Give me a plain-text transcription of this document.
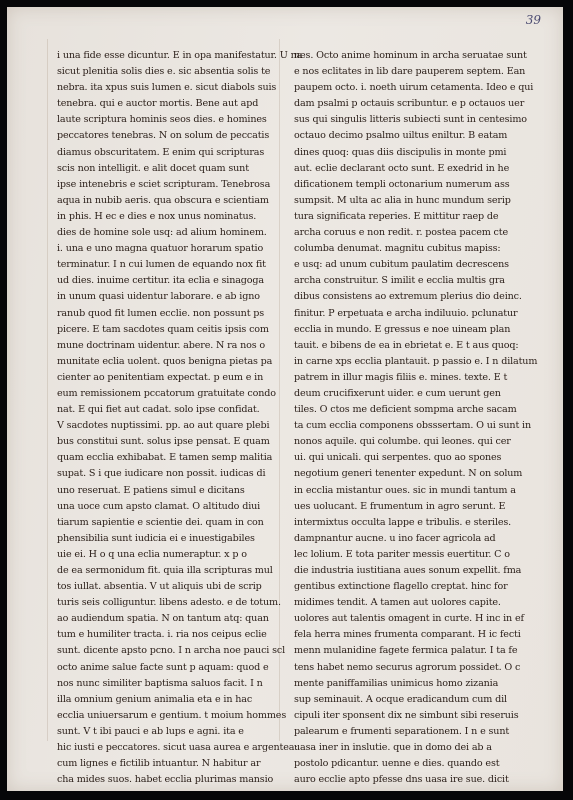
39
i una fide esse dicuntur. E in opa manifestatur. U na
sicut plenitia solis dies e. sic absentia solis te
nebra. ita xpus suis lumen e. sicut diabols suis
tenebra. qui e auctor mortis. Bene aut apd
laute scriptura hominis seos dies. e homines
peccatores tenebras. N on solum de peccatis
diamus obscuritatem. E enim qui scripturas
scis non intelligit. e alit docet quam sunt
ipse intenebris e sciet scripturam. Tenebrosa
aqua in nubib aeris. qua obscura e scientiam
in phis. H ec e dies e nox unus nominatus.
dies de homine sole usq: ad alium hominem.
i. una e uno magna quatuor horarum spatio
terminatur. I n cui lumen de equando nox fit
ud dies. inuime certitur. ita eclia e sinagoga
in unum quasi uidentur laborare. e ab igno
ranub quod fit lumen ecclie. non possunt ps
picere. E tam sacdotes quam ceitis ipsis com
mune doctrinam uidentur. abere. N ra nos o
munitate eclia uolent. quos benigna pietas pa
cienter ao penitentiam expectat. p eum e in
eum remissionem pccatorum gratuitate condo
nat. E qui fiet aut cadat. solo ipse confidat.
V sacdotes nuptissimi. pp. ao aut quare plebi
bus constitui sunt. solus ipse pensat. E quam
quam ecclia exhibabat. E tamen semp malitia
supat. S i que iudicare non possit. iudicas di
uno reseruat. E patiens simul e dicitans
una uoce cum apsto clamat. O altitudo diui
tiarum sapientie e scientie dei. quam in con
phensibilia sunt iudicia ei e inuestigabiles
uie ei. H o q una eclia numeraptur. x p o
de ea sermonidum fit. quia illa scripturas mul
tos iullat. absentia. V ut aliquis ubi de scrip
turis seis colliguntur. libens adesto. e de totum.
ao audiendum spatia. N on tantum atq: quan
tum e humiliter tracta. i. ria nos ceipus eclie
sunt. dicente apsto pcno. I n archa noe pauci scl
octo anime salue facte sunt p aquam: quod e
nos nunc similiter baptisma saluos facit. I n
illa omnium genium animalia eta e in hac
ecclia uniuersarum e gentium. t moium hommes
sunt. V t ibi pauci e ab lups e agni. ita e
hic iusti e peccatores. sicut uasa aurea e argentea:
cum lignes e fictilib intuantur. N habitur ar
cha mides suos. habet ecclia plurimas mansio
nes. Octo anime hominum in archa seruatae sunt
e nos eclitates in lib dare pauperem septem. Ean
paupem octo. i. noeth uirum cetamenta. Ideo e qui
dam psalmi p octauis scribuntur. e p octauos uer
sus qui singulis litteris subiecti sunt in centesimo
octauo decimo psalmo uiltus eniltur. B eatam
dines quoq: quas diis discipulis in monte pmi
aut. eclie declarant octo sunt. E exedrid in he
dificationem templi octonarium numerum ass
sumpsit. M ulta ac alia in hunc mundum serip
tura significata reperies. E mittitur raep de
archa coruus e non redit. r. postea pacem cte
columba denumat. magnitu cubitus mapiss:
e usq: ad unum cubitum paulatim decrescens
archa construitur. S imilit e ecclia multis gra
dibus consistens ao extremum plerius dio deinc.
finitur. P erpetuata e archa indiluuio. pclunatur
ecclia in mundo. E gressus e noe uineam plan
tauit. e bibens de ea in ebrietat e. E t aus quoq:
in carne xps ecclia plantauit. p passio e. I n dilatum
patrem in illur magis filiis e. mines. texte. E t
deum crucifixerunt uider. e cum uerunt gen
tiles. O ctos me deficient sompma arche sacam
ta cum ecclia componens obsssertam. O ui sunt in
nonos aquile. qui columbe. qui leones. qui cer
ui. qui unicali. qui serpentes. quo ao spones
negotium generi tenenter expedunt. N on solum
in ecclia mistantur oues. sic in mundi tantum a
ues uolucant. E frumentum in agro serunt. E
intermixtus occulta lappe e tribulis. e steriles.
dampnantur aucne. u ino facer agricola ad
lec lolium. E tota pariter messis euertitur. C o
die industria iustitiana aues sonum expellit. fma
gentibus extinctione flagello creptat. hinc for
midimes tendit. A tamen aut uolores capite.
uolores aut talentis omagent in curte. H inc in ef
fela herra mines frumenta comparant. H ic fecti
menn mulanidine fagete fermica palatur. I ta fe
tens habet nemo securus agrorum possidet. O c
mente paniffamilias unimicus homo zizania
sup seminauit. A ocque eradicandum cum dil
cipuli iter sponsent dix ne simbunt sibi reseruis
palearum e frumenti separationem. I n e sunt
uasa iner in inslutie. que in domo dei ab a
postolo pdicantur. uenne e dies. quando est
auro ecclie apto pfesse dns uasa ire sue. dicit
